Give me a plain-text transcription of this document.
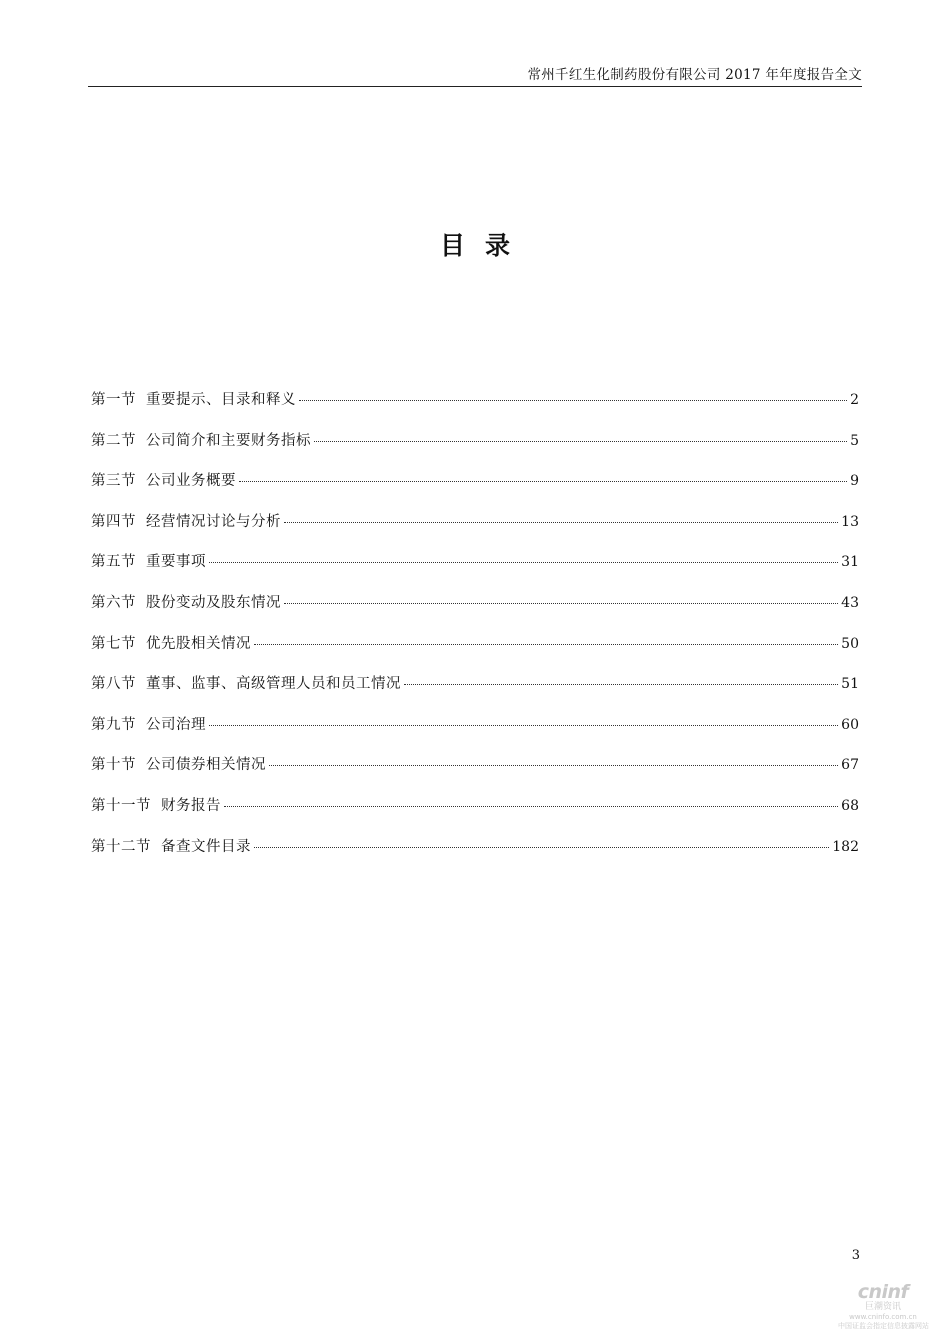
常州千红生化制药股份有限公司 2017 年年度报告全文
目录
第一节 重要提示、目录和释义	2
第二节 公司简介和主要财务指标	5
第三节 公司业务概要	9
第四节 经营情况讨论与分析	13
第五节 重要事项	31
第六节 股份变动及股东情况	43
第七节 优先股相关情况	50
第八节 董事、监事、高级管理人员和员工情况	51
第九节 公司治理	60
第十节 公司债券相关情况	67
第十一节 财务报告	68
第十二节 备查文件目录	182
3
cninf
巨潮资讯
www.cninfo.com.cn
中国证监会指定信息披露网站
